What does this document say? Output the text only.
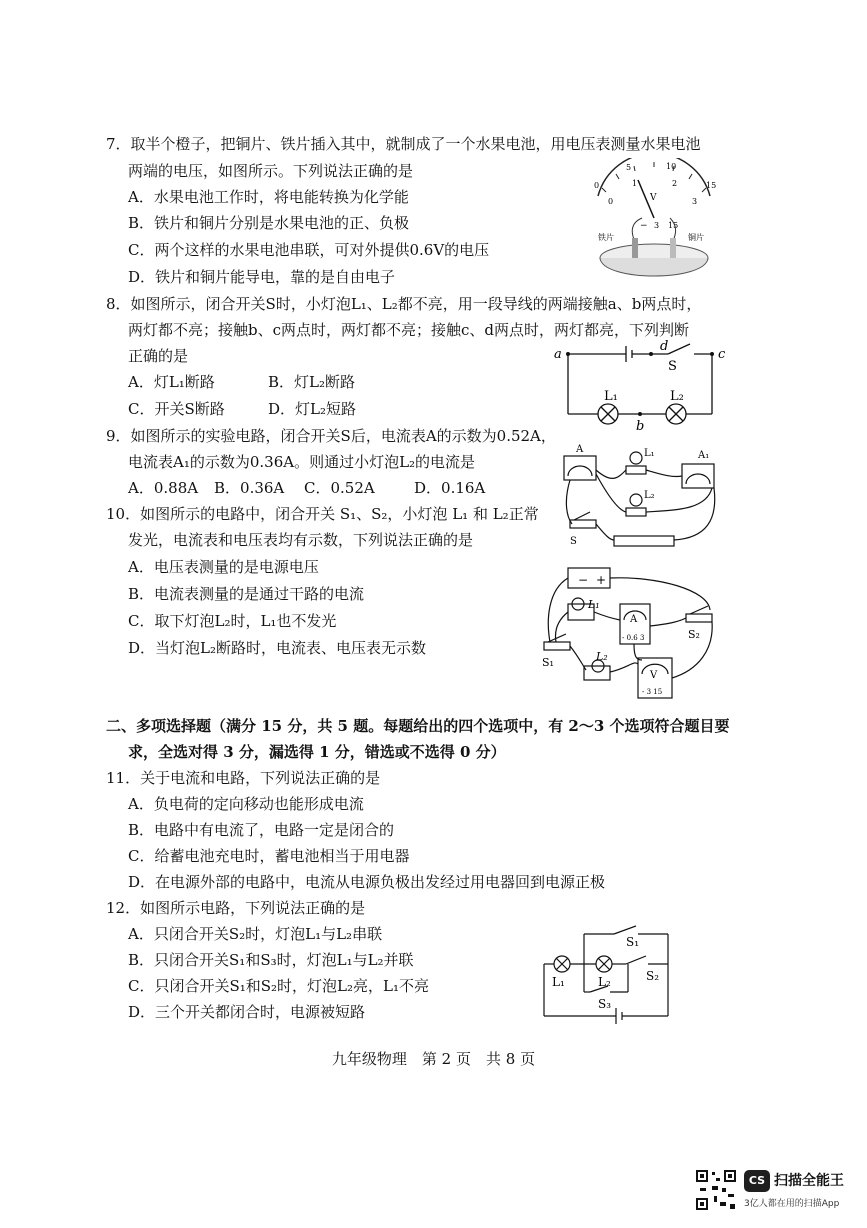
7．取半个橙子，把铜片、铁片插入其中，就制成了一个水果电池，用电压表测量水果电池
两端的电压，如图所示。下列说法正确的是
A．水果电池工作时，将电能转换为化学能
B．铁片和铜片分别是水果电池的正、负极
C．两个这样的水果电池串联，可对外提供0.6V的电压
D．铁片和铜片能导电，靠的是自由电子
5	10
0	1	2	15
0	3
V
− 3 15
铁片	铜片
8．如图所示，闭合开关S时，小灯泡L₁、L₂都不亮，用一段导线的两端接触a、b两点时，
两灯都不亮；接触b、c两点时，两灯都不亮；接触c、d两点时，两灯都亮，下列判断
正确的是
A．灯L₁断路	B．灯L₂断路
C．开关S断路	D．灯L₂短路
a	c
d
b
S
L₁	L₂
9．如图所示的实验电路，闭合开关S后，电流表A的示数为0.52A，
电流表A₁的示数为0.36A。则通过小灯泡L₂的电流是
A．0.88A B．0.36A C．0.52A	D．0.16A
A
A₁
L₁
L₂
S
10．如图所示的电路中，闭合开关 S₁、S₂，小灯泡 L₁ 和 L₂正常
发光，电流表和电压表均有示数，下列说法正确的是
A．电压表测量的是电源电压
B．电流表测量的是通过干路的电流
C．取下灯泡L₂时，L₁也不发光
D．当灯泡L₂断路时，电流表、电压表无示数
− +
L₁
L₂
S₂
S₁
A
- 0.6 3
V
- 3 15
二、多项选择题（满分 15 分，共 5 题。每题给出的四个选项中，有 2～3 个选项符合题目要
求，全选对得 3 分，漏选得 1 分，错选或不选得 0 分）
11．关于电流和电路，下列说法正确的是
A．负电荷的定向移动也能形成电流
B．电路中有电流了，电路一定是闭合的
C．给蓄电池充电时，蓄电池相当于用电器
D．在电源外部的电路中，电流从电源负极出发经过用电器回到电源正极
12．如图所示电路，下列说法正确的是
A．只闭合开关S₂时，灯泡L₁与L₂串联
B．只闭合开关S₁和S₃时，灯泡L₁与L₂并联
C．只闭合开关S₁和S₂时，灯泡L₂亮，L₁不亮
D．三个开关都闭合时，电源被短路
S₁
S₂
S₃
L₁	L₂
九年级物理　第 2 页　共 8 页
CS 扫描全能王
3亿人都在用的扫描App
